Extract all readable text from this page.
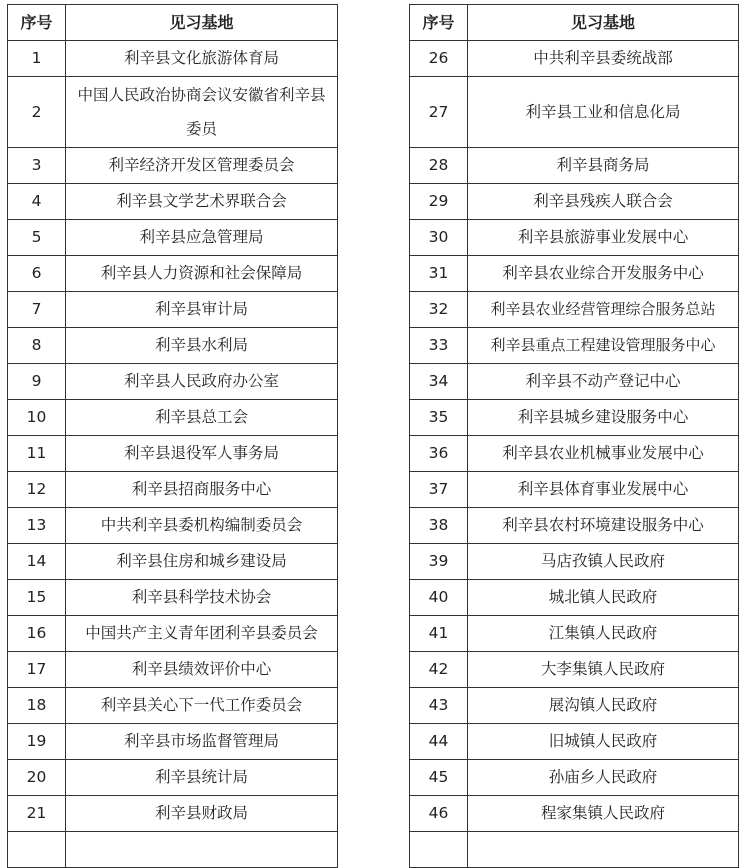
序号	见习基地
1	利辛县文化旅游体育局
2	中国人民政治协商会议安徽省利辛县委员
3	利辛经济开发区管理委员会
4	利辛县文学艺术界联合会
5	利辛县应急管理局
6	利辛县人力资源和社会保障局
7	利辛县审计局
8	利辛县水利局
9	利辛县人民政府办公室
10	利辛县总工会
11	利辛县退役军人事务局
12	利辛县招商服务中心
13	中共利辛县委机构编制委员会
14	利辛县住房和城乡建设局
15	利辛县科学技术协会
16	中国共产主义青年团利辛县委员会
17	利辛县绩效评价中心
18	利辛县关心下一代工作委员会
19	利辛县市场监督管理局
20	利辛县统计局
21	利辛县财政局

序号	见习基地
26	中共利辛县委统战部
27	利辛县工业和信息化局
28	利辛县商务局
29	利辛县残疾人联合会
30	利辛县旅游事业发展中心
31	利辛县农业综合开发服务中心
32	利辛县农业经营管理综合服务总站
33	利辛县重点工程建设管理服务中心
34	利辛县不动产登记中心
35	利辛县城乡建设服务中心
36	利辛县农业机械事业发展中心
37	利辛县体育事业发展中心
38	利辛县农村环境建设服务中心
39	马店孜镇人民政府
40	城北镇人民政府
41	江集镇人民政府
42	大李集镇人民政府
43	展沟镇人民政府
44	旧城镇人民政府
45	孙庙乡人民政府
46	程家集镇人民政府
